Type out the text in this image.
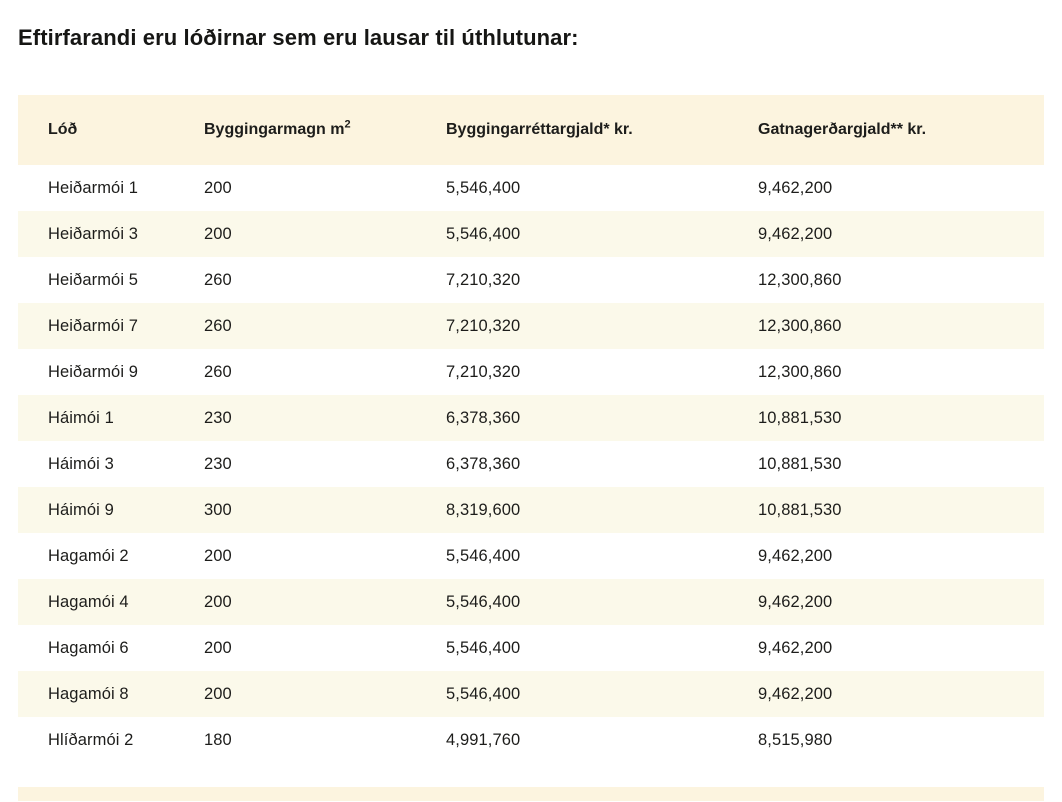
Eftirfarandi eru lóðirnar sem eru lausar til úthlutunar:
Lóð	Byggingarmagn $m^2$	Byggingarréttargjald* kr.	Gatnagerðargjald** kr.
Heiðarmói 1	200	5,546,400	9,462,200
Heiðarmói 3	200	5,546,400	9,462,200
Heiðarmói 5	260	7,210,320	12,300,860
Heiðarmói 7	260	7,210,320	12,300,860
Heiðarmói 9	260	7,210,320	12,300,860
Háimói 1	230	6,378,360	10,881,530
Háimói 3	230	6,378,360	10,881,530
Háimói 9	300	8,319,600	10,881,530
Hagamói 2	200	5,546,400	9,462,200
Hagamói 4	200	5,546,400	9,462,200
Hagamói 6	200	5,546,400	9,462,200
Hagamói 8	200	5,546,400	9,462,200
Hlíðarmói 2	180	4,991,760	8,515,980
